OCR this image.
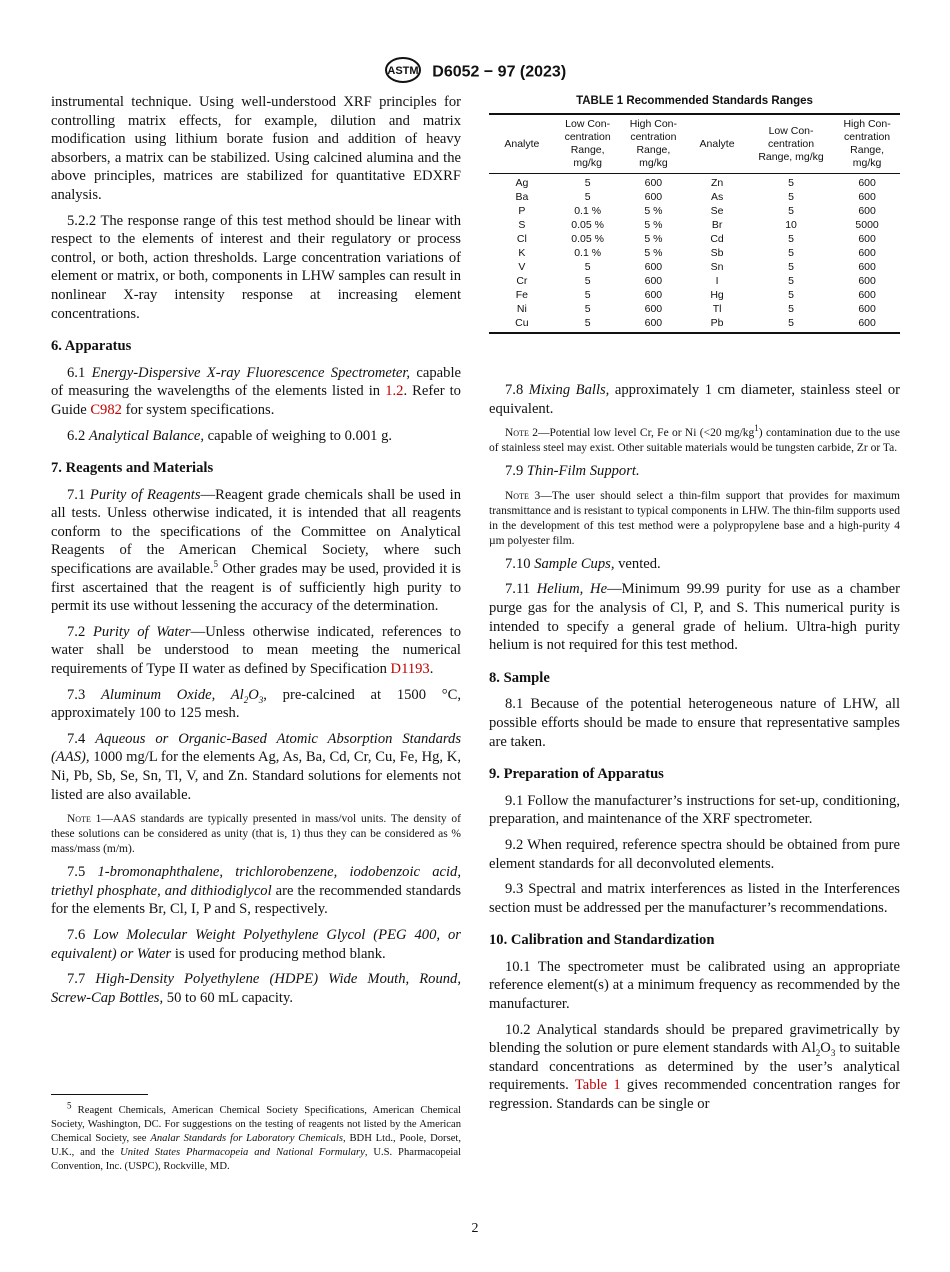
ASTM D6052 − 97 (2023)

instrumental technique. Using well-understood XRF principles for controlling matrix effects, for example, dilution and matrix modification using lithium borate fusion and addition of heavy absorbers, a matrix can be stabilized. Using calcined alumina and the above principles, matrices are stabilized for quantitative EDXRF analysis.

5.2.2 The response range of this test method should be linear with respect to the elements of interest and their regulatory or process control, or both, action thresholds. Large concentration variations of element or matrix, or both, components in LHW samples can result in nonlinear X-ray intensity response at increasing element concentrations.

6. Apparatus

6.1 Energy-Dispersive X-ray Fluorescence Spectrometer, capable of measuring the wavelengths of the elements listed in 1.2. Refer to Guide C982 for system specifications.

6.2 Analytical Balance, capable of weighing to 0.001 g.

7. Reagents and Materials

7.1 Purity of Reagents—Reagent grade chemicals shall be used in all tests. Unless otherwise indicated, it is intended that all reagents conform to the specifications of the Committee on Analytical Reagents of the American Chemical Society, where such specifications are available.$^5$ Other grades may be used, provided it is first ascertained that the reagent is of sufficiently high purity to permit its use without lessening the accuracy of the determination.

7.2 Purity of Water—Unless otherwise indicated, references to water shall be understood to mean meeting the numerical requirements of Type II water as defined by Specification D1193.

7.3 Aluminum Oxide, $Al_2O_3$, pre-calcined at 1500 °C, approximately 100 to 125 mesh.

7.4 Aqueous or Organic-Based Atomic Absorption Standards (AAS), 1000 mg/L for the elements Ag, As, Ba, Cd, Cr, Cu, Fe, Hg, K, Ni, Pb, Sb, Se, Sn, Tl, V, and Zn. Standard solutions for elements not listed are also available.

Note 1—AAS standards are typically presented in mass/vol units. The density of these solutions can be considered as unity (that is, 1) thus they can be considered as % mass/mass (m/m).

7.5 1-bromonaphthalene, trichlorobenzene, iodobenzoic acid, triethyl phosphate, and dithiodiglycol are the recommended standards for the elements Br, Cl, I, P and S, respectively.

7.6 Low Molecular Weight Polyethylene Glycol (PEG 400, or equivalent) or Water is used for producing method blank.

7.7 High-Density Polyethylene (HDPE) Wide Mouth, Round, Screw-Cap Bottles, 50 to 60 mL capacity.

$^5$ Reagent Chemicals, American Chemical Society Specifications, American Chemical Society, Washington, DC. For suggestions on the testing of reagents not listed by the American Chemical Society, see Analar Standards for Laboratory Chemicals, BDH Ltd., Poole, Dorset, U.K., and the United States Pharmacopeia and National Formulary, U.S. Pharmacopeial Convention, Inc. (USPC), Rockville, MD.
TABLE 1 Recommended Standards Ranges
Analyte	Low Con-centration Range, mg/kg	High Con-centration Range, mg/kg	Analyte	Low Con-centration Range, mg/kg	High Con-centration Range, mg/kg
Ag	5	600	Zn	5	600
Ba	5	600	As	5	600
P	0.1 %	5 %	Se	5	600
S	0.05 %	5 %	Br	10	5000
Cl	0.05 %	5 %	Cd	5	600
K	0.1 %	5 %	Sb	5	600
V	5	600	Sn	5	600
Cr	5	600	I	5	600
Fe	5	600	Hg	5	600
Ni	5	600	Tl	5	600
Cu	5	600	Pb	5	600

7.8 Mixing Balls, approximately 1 cm diameter, stainless steel or equivalent.

Note 2—Potential low level Cr, Fe or Ni (<20 $mg/kg^1$) contamination due to the use of stainless steel may exist. Other suitable materials would be tungsten carbide, Zr or Ta.

7.9 Thin-Film Support.

Note 3—The user should select a thin-film support that provides for maximum transmittance and is resistant to typical components in LHW. The thin-film supports used in the development of this test method were a polypropylene base and a high-purity 4 µm polyester film.

7.10 Sample Cups, vented.

7.11 Helium, He—Minimum 99.99 purity for use as a chamber purge gas for the analysis of Cl, P, and S. This numerical purity is intended to specify a general grade of helium. Ultra-high purity helium is not required for this test method.

8. Sample

8.1 Because of the potential heterogeneous nature of LHW, all possible efforts should be made to ensure that representative samples are taken.

9. Preparation of Apparatus

9.1 Follow the manufacturer’s instructions for set-up, conditioning, preparation, and maintenance of the XRF spectrometer.

9.2 When required, reference spectra should be obtained from pure element standards for all deconvoluted elements.

9.3 Spectral and matrix interferences as listed in the Interferences section must be addressed per the manufacturer’s recommendations.

10. Calibration and Standardization

10.1 The spectrometer must be calibrated using an appropriate reference element(s) at a minimum frequency as recommended by the manufacturer.

10.2 Analytical standards should be prepared gravimetrically by blending the solution or pure element standards with $Al_2O_3$ to suitable standard concentrations as determined by the user’s analytical requirements. Table 1 gives recommended concentration ranges for regression. Standards can be single or

2
